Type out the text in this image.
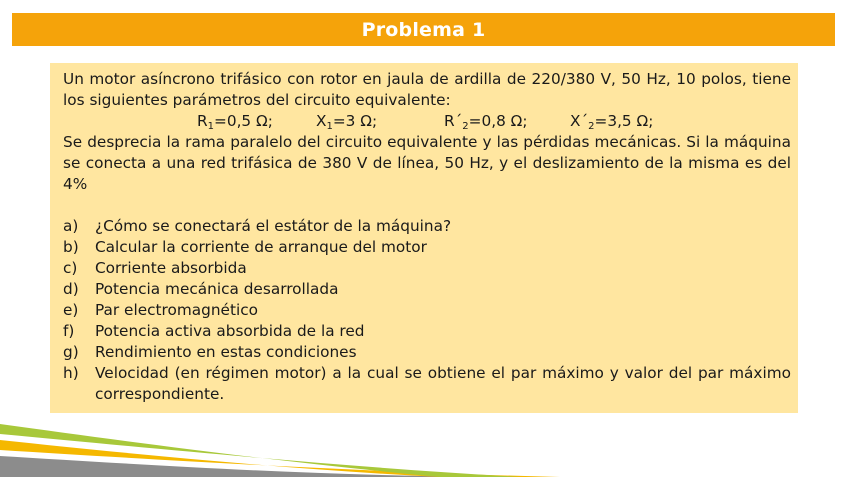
Problema 1

Un motor asíncrono trifásico con rotor en jaula de ardilla de 220/380 V, 50 Hz, 10 polos, tiene los siguientes parámetros del circuito equivalente:

$R_1=0,5$ Ω;	$X_1=3$ Ω;	$R´_2=0,8$ Ω;	$X´_2=3,5$ Ω;

Se desprecia la rama paralelo del circuito equivalente y las pérdidas mecánicas. Si la máquina se conecta a una red trifásica de 380 V de línea, 50 Hz, y el deslizamiento de la misma es del 4%

a)	¿Cómo se conectará el estátor de la máquina?
b)	Calcular la corriente de arranque del motor
c)	Corriente absorbida
d)	Potencia mecánica desarrollada
e)	Par electromagnético
f)	Potencia activa absorbida de la red
g)	Rendimiento en estas condiciones
h)	Velocidad (en régimen motor) a la cual se obtiene el par máximo y valor del par máximo correspondiente.
